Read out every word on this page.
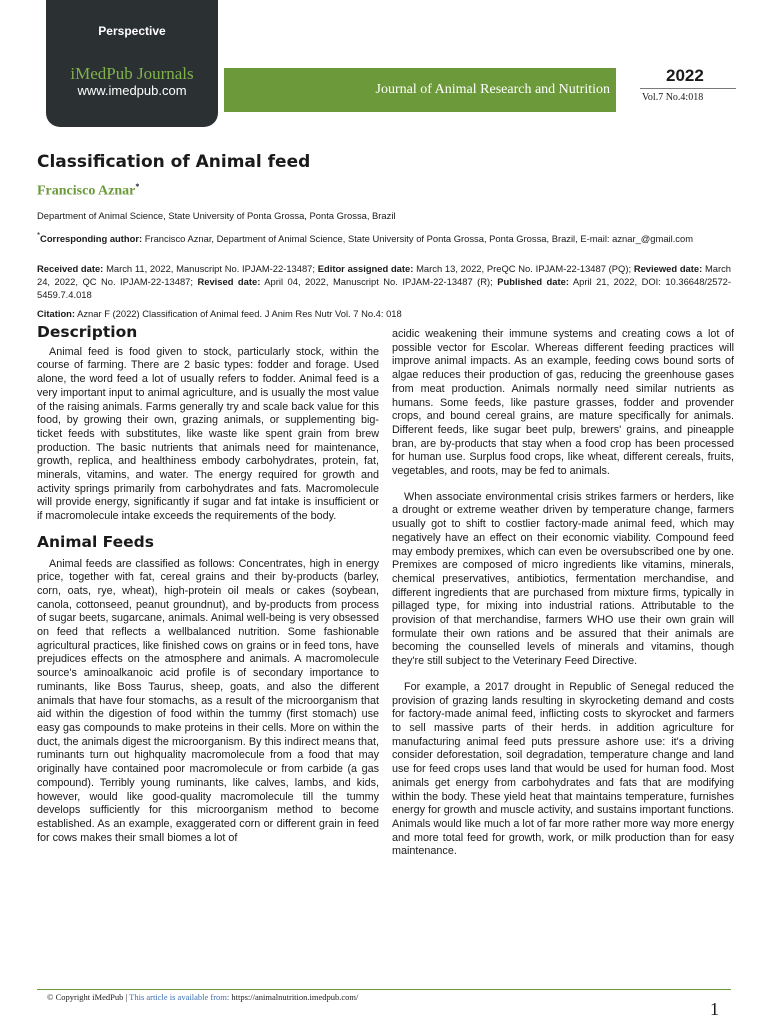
Perspective
iMedPub Journals
www.imedpub.com	Journal of Animal Research and Nutrition
2022
Vol.7 No.4:018
Classification of Animal feed
Francisco Aznar*

Department of Animal Science, State University of Ponta Grossa, Ponta Grossa, Brazil

*Corresponding author: Francisco Aznar, Department of Animal Science, State University of Ponta Grossa, Ponta Grossa, Brazil, E-mail: aznar_@gmail.com

Received date: March 11, 2022, Manuscript No. IPJAM-22-13487; Editor assigned date: March 13, 2022, PreQC No. IPJAM-22-13487 (PQ); Reviewed date: March 24, 2022, QC No. IPJAM-22-13487; Revised date: April 04, 2022, Manuscript No. IPJAM-22-13487 (R); Published date: April 21, 2022, DOI: 10.36648/2572-5459.7.4.018

Citation: Aznar F (2022) Classification of Animal feed. J Anim Res Nutr Vol. 7 No.4: 018

Description

Animal feed is food given to stock, particularly stock, within the course of farming. There are 2 basic types: fodder and forage. Used alone, the word feed a lot of usually refers to fodder. Animal feed is a very important input to animal agriculture, and is usually the most value of the raising animals. Farms generally try and scale back value for this food, by growing their own, grazing animals, or supplementing big-ticket feeds with substitutes, like waste like spent grain from brew production. The basic nutrients that animals need for maintenance, growth, replica, and healthiness embody carbohydrates, protein, fat, minerals, vitamins, and water. The energy required for growth and activity springs primarily from carbohydrates and fats. Macromolecule will provide energy, significantly if sugar and fat intake is insufficient or if macromolecule intake exceeds the requirements of the body.

Animal Feeds

Animal feeds are classified as follows: Concentrates, high in energy price, together with fat, cereal grains and their by-products (barley, corn, oats, rye, wheat), high-protein oil meals or cakes (soybean, canola, cottonseed, peanut groundnut), and by-products from process of sugar beets, sugarcane, animals. Animal well-being is very obsessed on feed that reflects a wellbalanced nutrition. Some fashionable agricultural practices, like finished cows on grains or in feed tons, have prejudices effects on the atmosphere and animals. A macromolecule source's aminoalkanoic acid profile is of secondary importance to ruminants, like Boss Taurus, sheep, goats, and also the different animals that have four stomachs, as a result of the microorganism that aid within the digestion of food within the tummy (first stomach) use easy gas compounds to make proteins in their cells. More on within the duct, the animals digest the microorganism. By this indirect means that, ruminants turn out highquality macromolecule from a food that may originally have contained poor macromolecule or from carbide (a gas compound). Terribly young ruminants, like calves, lambs, and kids, however, would like good-quality macromolecule till the tummy develops sufficiently for this microorganism method to become established. As an example, exaggerated corn or different grain in feed for cows makes their small biomes a lot of

acidic weakening their immune systems and creating cows a lot of possible vector for Escolar. Whereas different feeding practices will improve animal impacts. As an example, feeding cows bound sorts of algae reduces their production of gas, reducing the greenhouse gases from meat production. Animals normally need similar nutrients as humans. Some feeds, like pasture grasses, fodder and provender crops, and bound cereal grains, are mature specifically for animals. Different feeds, like sugar beet pulp, brewers' grains, and pineapple bran, are by-products that stay when a food crop has been processed for human use. Surplus food crops, like wheat, different cereals, fruits, vegetables, and roots, may be fed to animals.

When associate environmental crisis strikes farmers or herders, like a drought or extreme weather driven by temperature change, farmers usually got to shift to costlier factory-made animal feed, which may negatively have an effect on their economic viability. Compound feed may embody premixes, which can even be oversubscribed one by one. Premixes are composed of micro ingredients like vitamins, minerals, chemical preservatives, antibiotics, fermentation merchandise, and different ingredients that are purchased from mixture firms, typically in pillaged type, for mixing into industrial rations. Attributable to the provision of that merchandise, farmers WHO use their own grain will formulate their own rations and be assured that their animals are becoming the counselled levels of minerals and vitamins, though they're still subject to the Veterinary Feed Directive.

For example, a 2017 drought in Republic of Senegal reduced the provision of grazing lands resulting in skyrocketing demand and costs for factory-made animal feed, inflicting costs to skyrocket and farmers to sell massive parts of their herds. in addition agriculture for manufacturing animal feed puts pressure ashore use: it's a driving consider deforestation, soil degradation, temperature change and land use for feed crops uses land that would be used for human food. Most animals get energy from carbohydrates and fats that are modifying within the body. These yield heat that maintains temperature, furnishes energy for growth and muscle activity, and sustains important functions. Animals would like much a lot of far more rather more way more energy and more total feed for growth, work, or milk production than for easy maintenance.

© Copyright iMedPub | This article is available from: https://animalnutrition.imedpub.com/
1
